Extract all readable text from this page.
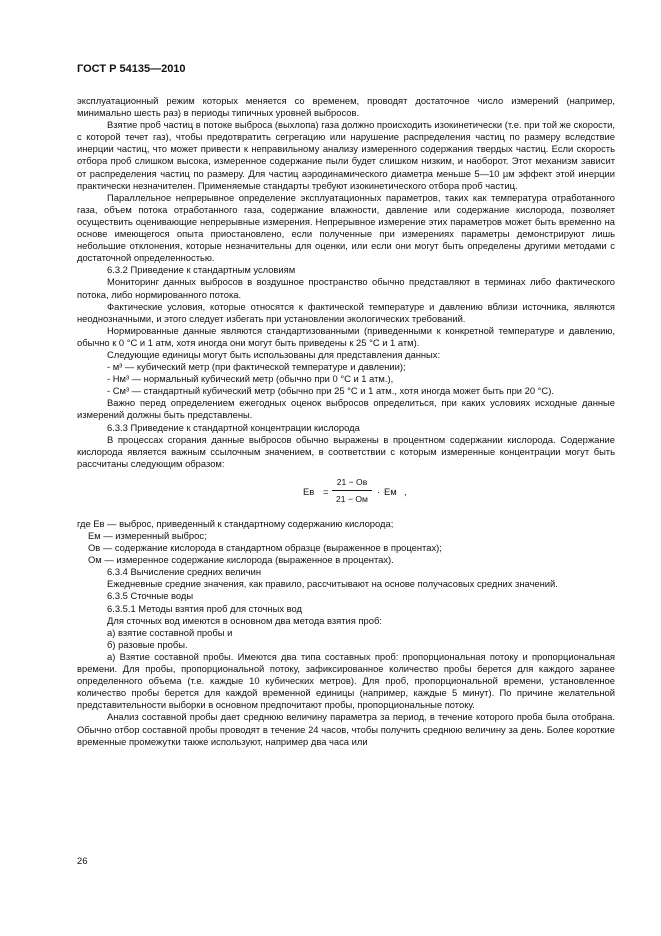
ГОСТ Р 54135—2010

эксплуатационный режим которых меняется со временем, проводят достаточное число измерений (например, минимально шесть раз) в периоды типичных уровней выбросов.

Взятие проб частиц в потоке выброса (выхлопа) газа должно происходить изокинетически (т.е. при той же скорости, с которой течет газ), чтобы предотвратить сегрегацию или нарушение распределения частиц по размеру вследствие инерции частиц, что может привести к неправильному анализу измеренного содержания твердых частиц. Если скорость отбора проб слишком высока, измеренное содержание пыли будет слишком низким, и наоборот. Этот механизм зависит от распределения частиц по размеру. Для частиц аэродинамического диаметра меньше 5—10 µм эффект этой инерции практически незначителен. Применяемые стандарты требуют изокинетического отбора проб частиц.

Параллельное непрерывное определение эксплуатационных параметров, таких как температура отработанного газа, объем потока отработанного газа, содержание влажности, давление или содержание кислорода, позволяет осуществить оценивающие непрерывные измерения. Непрерывное измерение этих параметров может быть временно на основе имеющегося опыта приостановлено, если полученные при измерениях параметры демонстрируют лишь небольшие отклонения, которые незначительны для оценки, или если они могут быть определены другими методами с достаточной определенностью.

6.3.2 Приведение к стандартным условиям

Мониторинг данных выбросов в воздушное пространство обычно представляют в терминах либо фактического потока, либо нормированного потока.

Фактические условия, которые относятся к фактической температуре и давлению вблизи источника, являются неоднозначными, и этого следует избегать при установлении экологических требований.

Нормированные данные являются стандартизованными (приведенными к конкретной температуре и давлению, обычно к 0 °С и 1 атм, хотя иногда они могут быть приведены к 25 °С и 1 атм).

Следующие единицы могут быть использованы для представления данных:

- м³ — кубический метр (при фактической температуре и давлении);

- Нм³ — нормальный кубический метр (обычно при 0 °С и 1 атм.),

- См³ — стандартный кубический метр (обычно при 25 °С и 1 атм., хотя иногда может быть при 20 °С).

Важно перед определением ежегодных оценок выбросов определиться, при каких условиях исходные данные измерений должны быть представлены.

6.3.3 Приведение к стандартной концентрации кислорода

В процессах сгорания данные выбросов обычно выражены в процентном содержании кислорода. Содержание кислорода является важным ссылочным значением, в соответствии с которым измеренные концентрации могут быть рассчитаны следующим образом:

Eв =
21 − Oв
21 − Oм
· Eм ,

где Eв — выброс, приведенный к стандартному содержанию кислорода;

Eм — измеренный выброс;

Oв — содержание кислорода в стандартном образце (выраженное в процентах);

Oм — измеренное содержание кислорода (выраженное в процентах).

6.3.4 Вычисление средних величин

Ежедневные средние значения, как правило, рассчитывают на основе получасовых средних значений.

6.3.5 Сточные воды

6.3.5.1 Методы взятия проб для сточных вод

Для сточных вод имеются в основном два метода взятия проб:

а) взятие составной пробы и

б) разовые пробы.

а) Взятие составной пробы. Имеются два типа составных проб: пропорциональная потоку и пропорциональная времени. Для пробы, пропорциональной потоку, зафиксированное количество пробы берется для каждого заранее определенного объема (т.е. каждые 10 кубических метров). Для проб, пропорциональной времени, установленное количество пробы берется для каждой временной единицы (например, каждые 5 минут). По причине желательной представительности выборки в основном предпочитают пробы, пропорциональные потоку.

Анализ составной пробы дает среднюю величину параметра за период, в течение которого проба была отобрана. Обычно отбор составной пробы проводят в течение 24 часов, чтобы получить среднюю величину за день. Более короткие временные промежутки также используют, например два часа или

26
